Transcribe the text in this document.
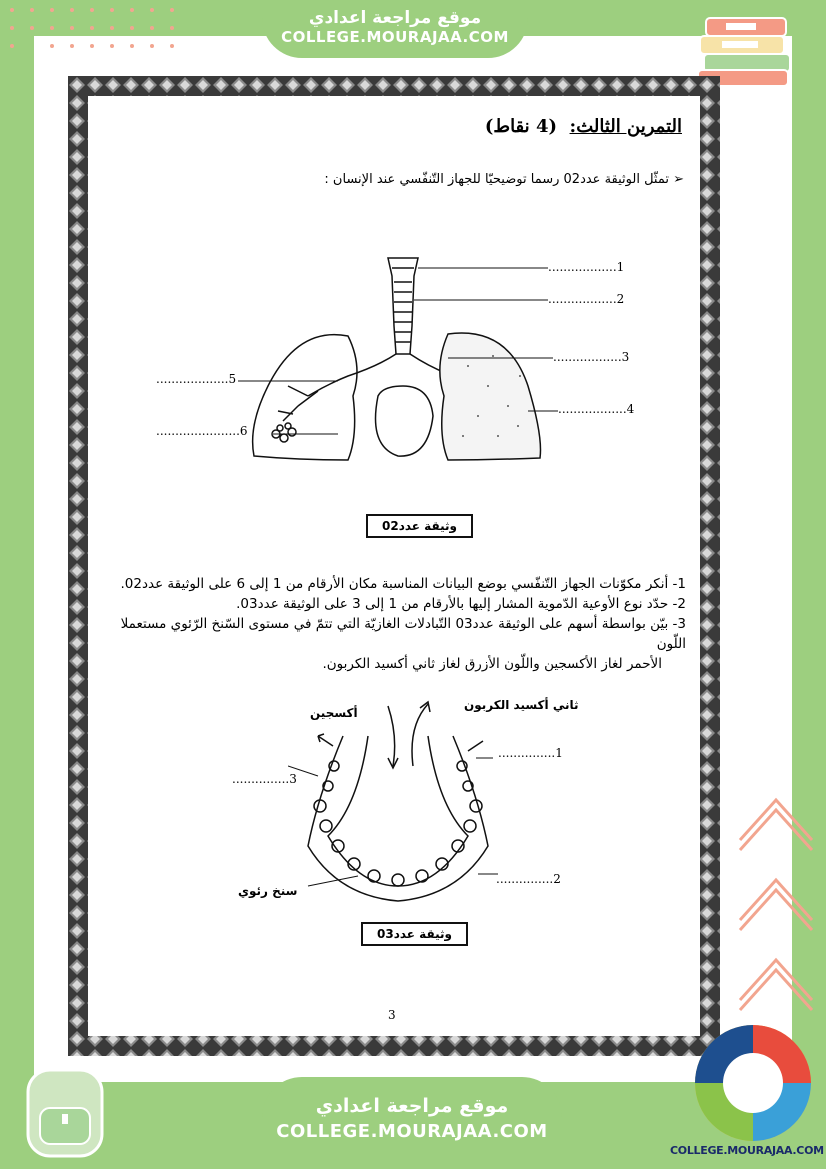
موقع مراجعة اعدادي
COLLEGE.MOURAJAA.COM
التمرين الثالث:  (4 نقاط)
➢ تمثّل الوثيقة عدد02 رسما توضيحيّا للجهاز التّنفّسي عند الإنسان :
..................1
..................2
..................3
..................4
...................5
......................6
وثيقة عدد02
1- أنكر مكوّنات الجهاز التّنفّسي بوضع البيانات المناسبة مكان الأرقام من 1 إلى 6 على الوثيقة عدد02.
2- حدّد نوع الأوعية الدّموية المشار إليها بالأرقام من 1 إلى 3 على الوثيقة عدد03.
3- بيّن بواسطة أسهم على الوثيقة عدد03 التّبادلات الغازيّة التي تتمّ في مستوى السّنخ الرّئوي مستعملا اللّون
الأحمر لغاز الأكسجين واللّون الأزرق لغاز ثاني أكسيد الكربون.
أكسجين
ثاني أكسيد الكربون
سنخ رئوي
...............1
...............2
...............3
وثيقة عدد03
3
موقع مراجعة اعدادي
COLLEGE.MOURAJAA.COM
COLLEGE.MOURAJAA.COM
